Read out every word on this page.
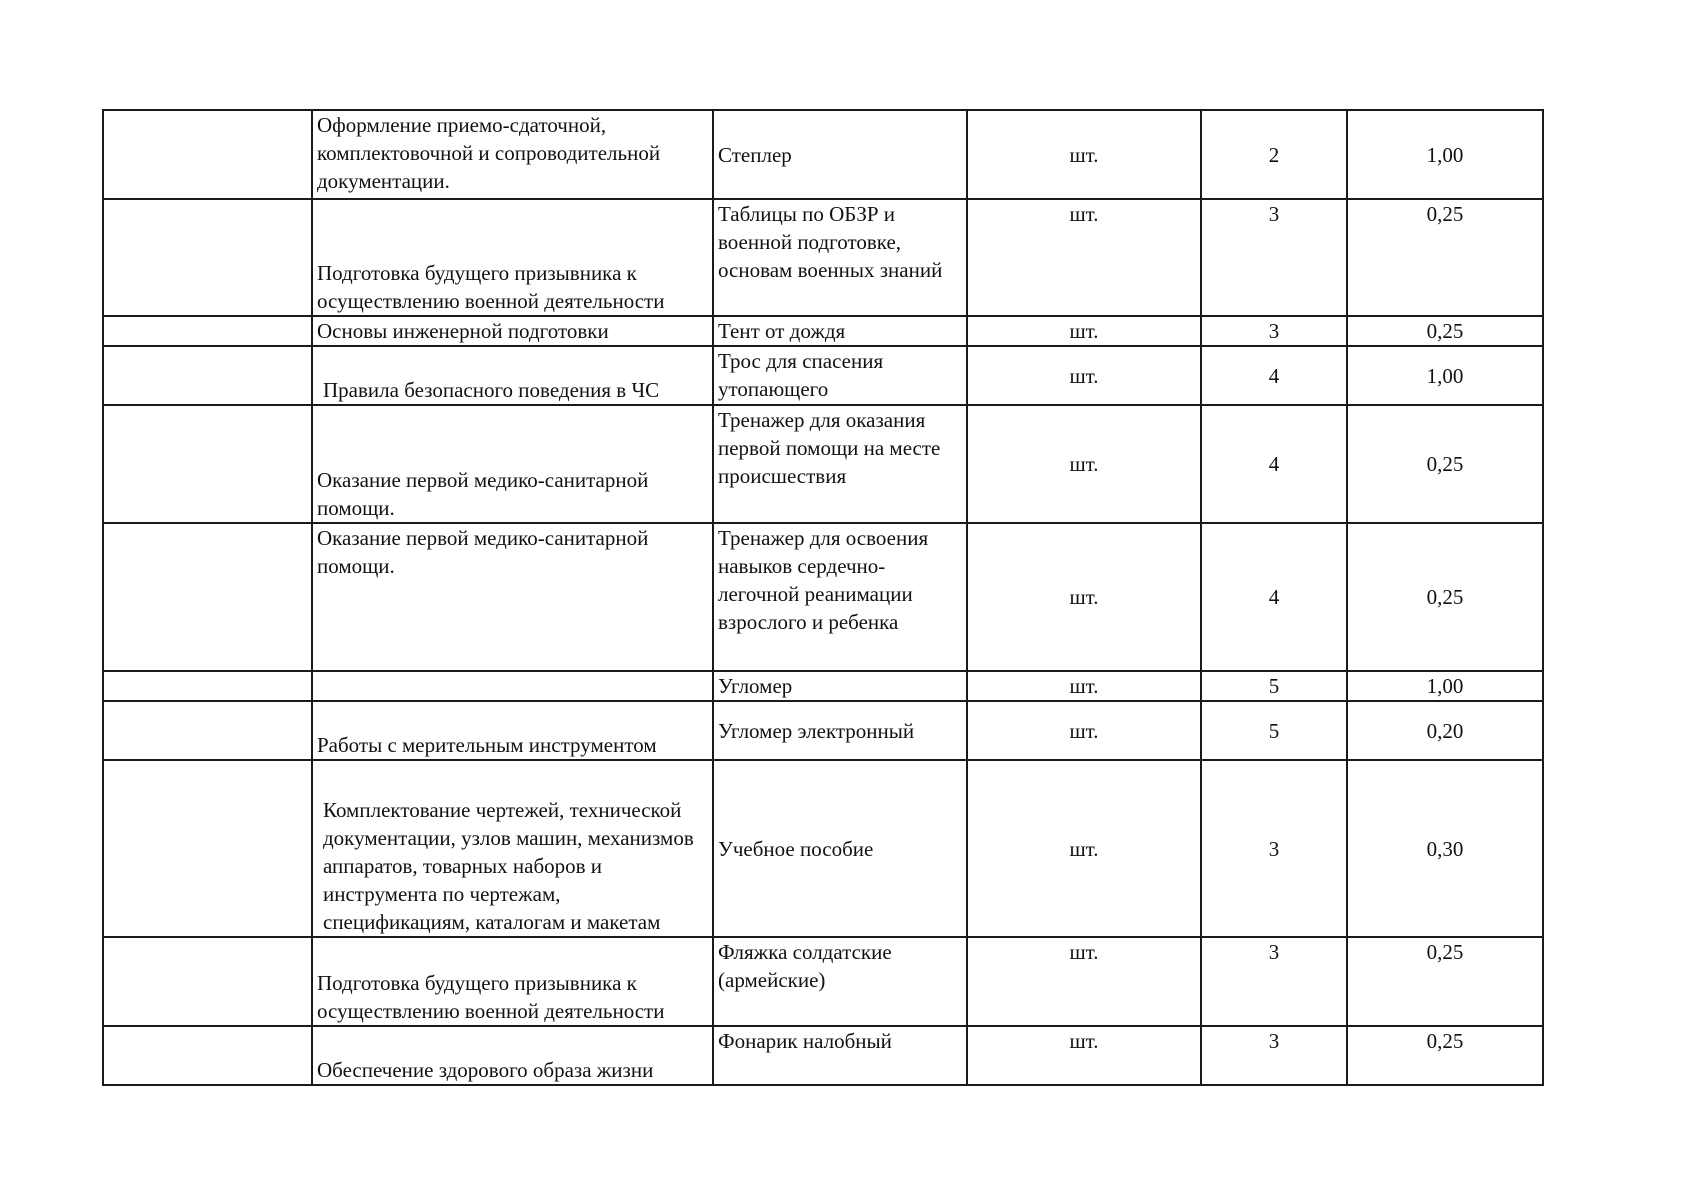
	Оформление приемо-сдаточной, комплектовочной и сопроводительной документации.	Степлер	шт.	2	1,00
	Подготовка будущего призывника к осуществлению военной деятельности	Таблицы по ОБЗР и военной подготовке, основам военных знаний	шт.	3	0,25
	Основы инженерной подготовки	Тент от дождя	шт.	3	0,25
	Правила безопасного поведения в ЧС	Трос для спасения утопающего	шт.	4	1,00
	Оказание первой медико-санитарной помощи.	Тренажер для оказания первой помощи на месте происшествия	шт.	4	0,25
	Оказание первой медико-санитарной помощи.	Тренажер для освоения навыков сердечно-легочной реанимации взрослого и ребенка	шт.	4	0,25
		Угломер	шт.	5	1,00
	Работы с мерительным инструментом	Угломер электронный	шт.	5	0,20
	Комплектование чертежей, технической документации, узлов машин, механизмов аппаратов, товарных наборов и инструмента по чертежам, спецификациям, каталогам и макетам	Учебное пособие	шт.	3	0,30
	Подготовка будущего призывника к осуществлению военной деятельности	Фляжка солдатские (армейские)	шт.	3	0,25
	Обеспечение здорового образа жизни	Фонарик налобный	шт.	3	0,25
